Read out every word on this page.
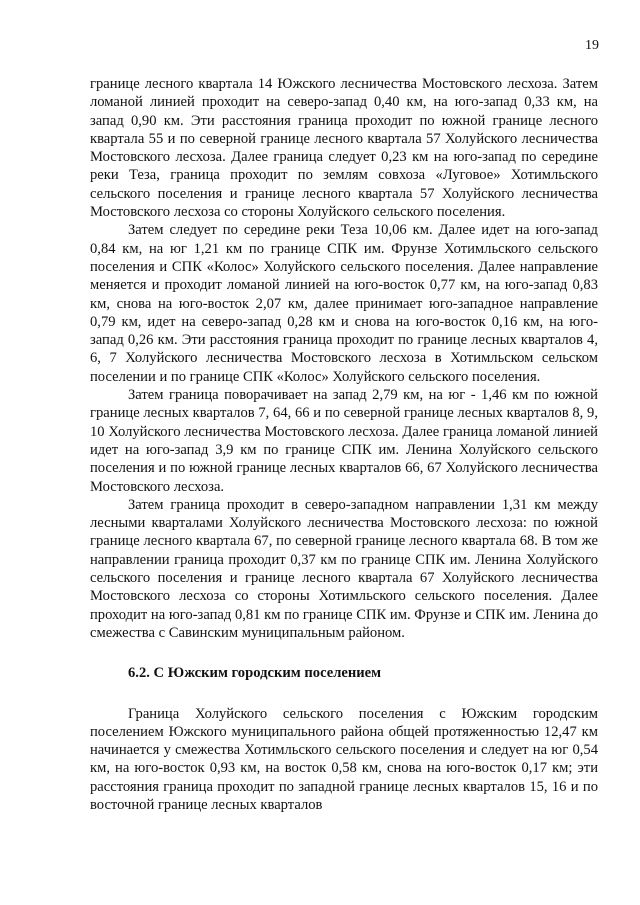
19

границе лесного квартала 14 Южского лесничества Мостовского лесхоза. Затем ломаной линией проходит на северо-запад 0,40 км, на юго-запад 0,33 км, на запад 0,90 км. Эти расстояния граница проходит по южной границе лесного квартала 55 и по северной границе лесного квартала 57 Холуйского лесничества Мостовского лесхоза. Далее граница следует 0,23 км на юго-запад по середине реки Теза, граница проходит по землям совхоза «Луговое» Хотимльского сельского поселения и границе лесного квартала 57 Холуйского лесничества Мостовского лесхоза со стороны Холуйского сельского поселения.

Затем следует по середине реки Теза 10,06 км. Далее идет на юго-запад 0,84 км, на юг 1,21 км по границе СПК им. Фрунзе Хотимльского сельского поселения и СПК «Колос» Холуйского сельского поселения. Далее направление меняется и проходит ломаной линией на юго-восток 0,77 км, на юго-запад 0,83 км, снова на юго-восток 2,07 км, далее принимает юго-западное направление 0,79 км, идет на северо-запад 0,28 км и снова на юго-восток 0,16 км, на юго-запад 0,26 км. Эти расстояния граница проходит по границе лесных кварталов 4, 6, 7 Холуйского лесничества Мостовского лесхоза в Хотимльском сельском поселении и по границе СПК «Колос» Холуйского сельского поселения.

Затем граница поворачивает на запад 2,79 км, на юг - 1,46 км по южной границе лесных кварталов 7, 64, 66 и по северной границе лесных кварталов 8, 9, 10 Холуйского лесничества Мостовского лесхоза. Далее граница ломаной линией идет на юго-запад 3,9 км по границе СПК им. Ленина Холуйского сельского поселения и по южной границе лесных кварталов 66, 67 Холуйского лесничества Мостовского лесхоза.

Затем граница проходит в северо-западном направлении 1,31 км между лесными кварталами Холуйского лесничества Мостовского лесхоза: по южной границе лесного квартала 67, по северной границе лесного квартала 68. В том же направлении граница проходит 0,37 км по границе СПК им. Ленина Холуйского сельского поселения и границе лесного квартала 67 Холуйского лесничества Мостовского лесхоза со стороны Хотимльского сельского поселения. Далее проходит на юго-запад 0,81 км по границе СПК им. Фрунзе и СПК им. Ленина до смежества с Савинским муниципальным районом.

6.2. С Южским городским поселением

Граница Холуйского сельского поселения с Южским городским поселением Южского муниципального района общей протяженностью 12,47 км начинается у смежества Хотимльского сельского поселения и следует на юг 0,54 км, на юго-восток 0,93 км, на восток 0,58 км, снова на юго-восток 0,17 км; эти расстояния граница проходит по западной границе лесных кварталов 15, 16 и по восточной границе лесных кварталов
